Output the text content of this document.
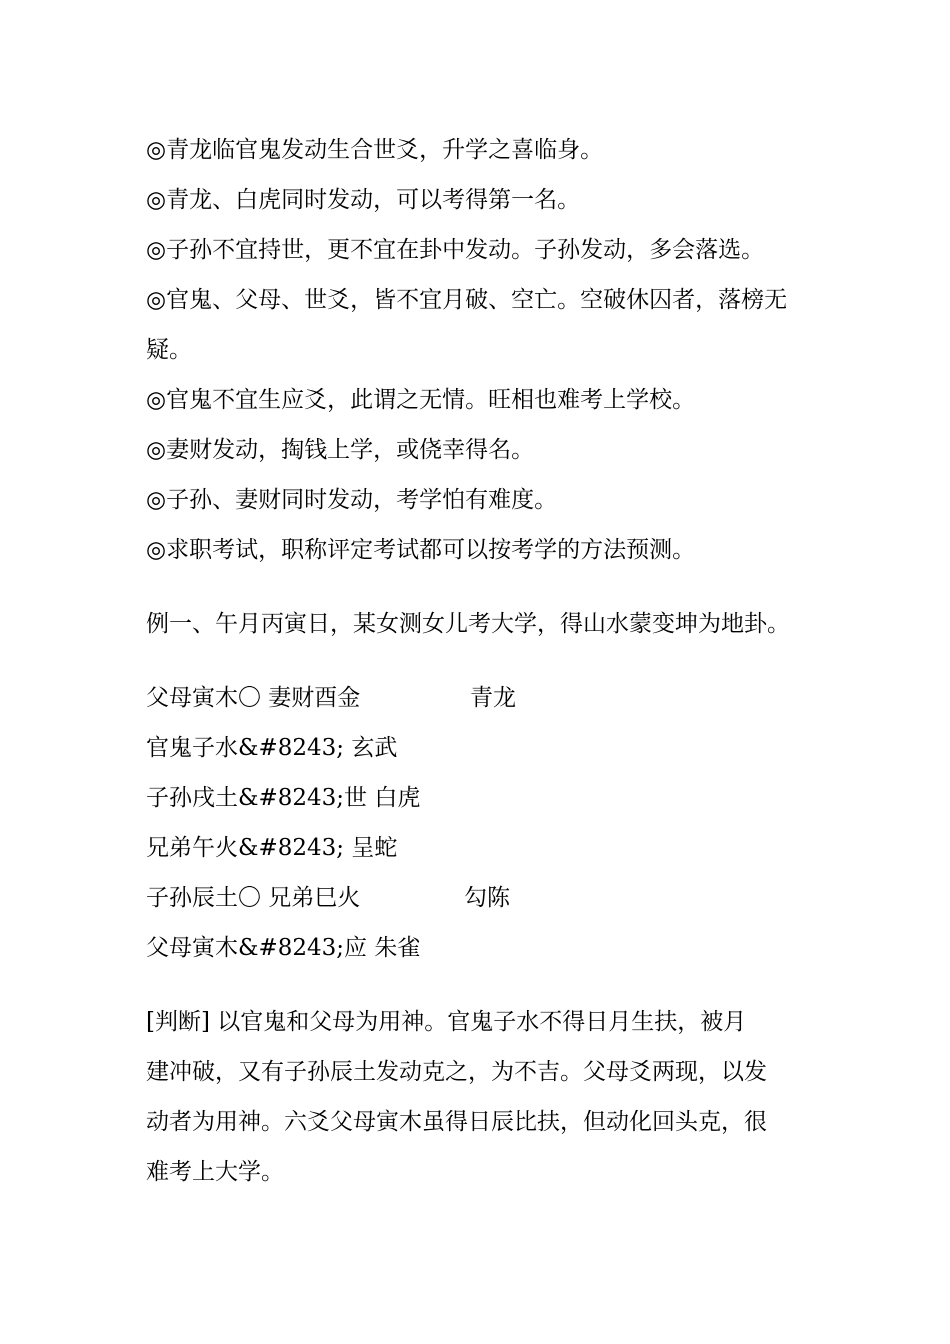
◎青龙临官鬼发动生合世爻，升学之喜临身。
◎青龙、白虎同时发动，可以考得第一名。
◎子孙不宜持世，更不宜在卦中发动。子孙发动，多会落选。
◎官鬼、父母、世爻，皆不宜月破、空亡。空破休囚者，落榜无
疑。
◎官鬼不宜生应爻，此谓之无情。旺相也难考上学校。
◎妻财发动，掏钱上学，或侥幸得名。
◎子孙、妻财同时发动，考学怕有难度。
◎求职考试，职称评定考试都可以按考学的方法预测。
例一、午月丙寅日，某女测女儿考大学，得山水蒙变坤为地卦。
父母寅木〇 妻财酉金	青龙
官鬼子水&#8243; 玄武
子孙戌土&#8243;世 白虎
兄弟午火&#8243; 呈蛇
子孙辰土〇 兄弟巳火	勾陈
父母寅木&#8243;应 朱雀
[判断] 以官鬼和父母为用神。官鬼子水不得日月生扶，被月
建冲破，又有子孙辰土发动克之，为不吉。父母爻两现，以发
动者为用神。六爻父母寅木虽得日辰比扶，但动化回头克，很
难考上大学。
